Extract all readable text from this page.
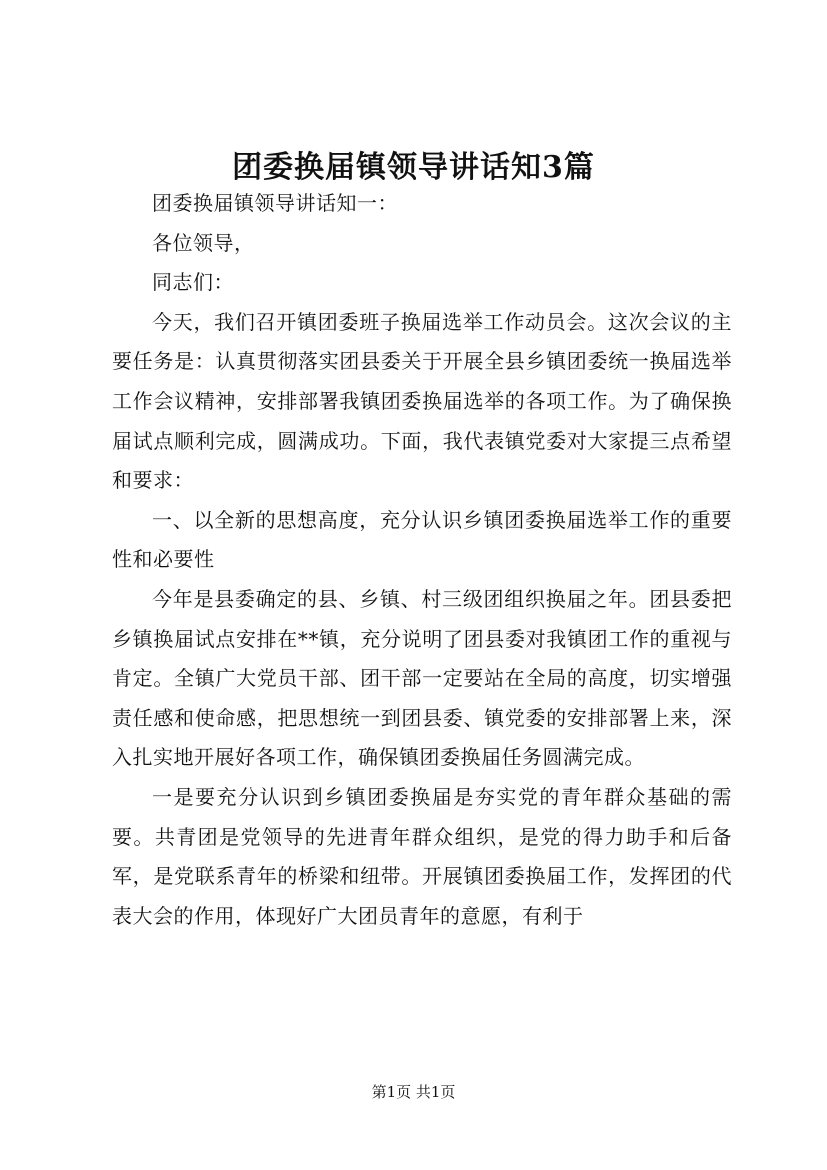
团委换届镇领导讲话知3篇

团委换届镇领导讲话知一：

各位领导，

同志们：

今天，我们召开镇团委班子换届选举工作动员会。这次会议的主要任务是：认真贯彻落实团县委关于开展全县乡镇团委统一换届选举工作会议精神，安排部署我镇团委换届选举的各项工作。为了确保换届试点顺利完成，圆满成功。下面，我代表镇党委对大家提三点希望和要求：

一、以全新的思想高度，充分认识乡镇团委换届选举工作的重要性和必要性

今年是县委确定的县、乡镇、村三级团组织换届之年。团县委把乡镇换届试点安排在**镇，充分说明了团县委对我镇团工作的重视与肯定。全镇广大党员干部、团干部一定要站在全局的高度，切实增强责任感和使命感，把思想统一到团县委、镇党委的安排部署上来，深入扎实地开展好各项工作，确保镇团委换届任务圆满完成。

一是要充分认识到乡镇团委换届是夯实党的青年群众基础的需要。共青团是党领导的先进青年群众组织，是党的得力助手和后备军，是党联系青年的桥梁和纽带。开展镇团委换届工作，发挥团的代表大会的作用，体现好广大团员青年的意愿，有利于

第1页 共1页
